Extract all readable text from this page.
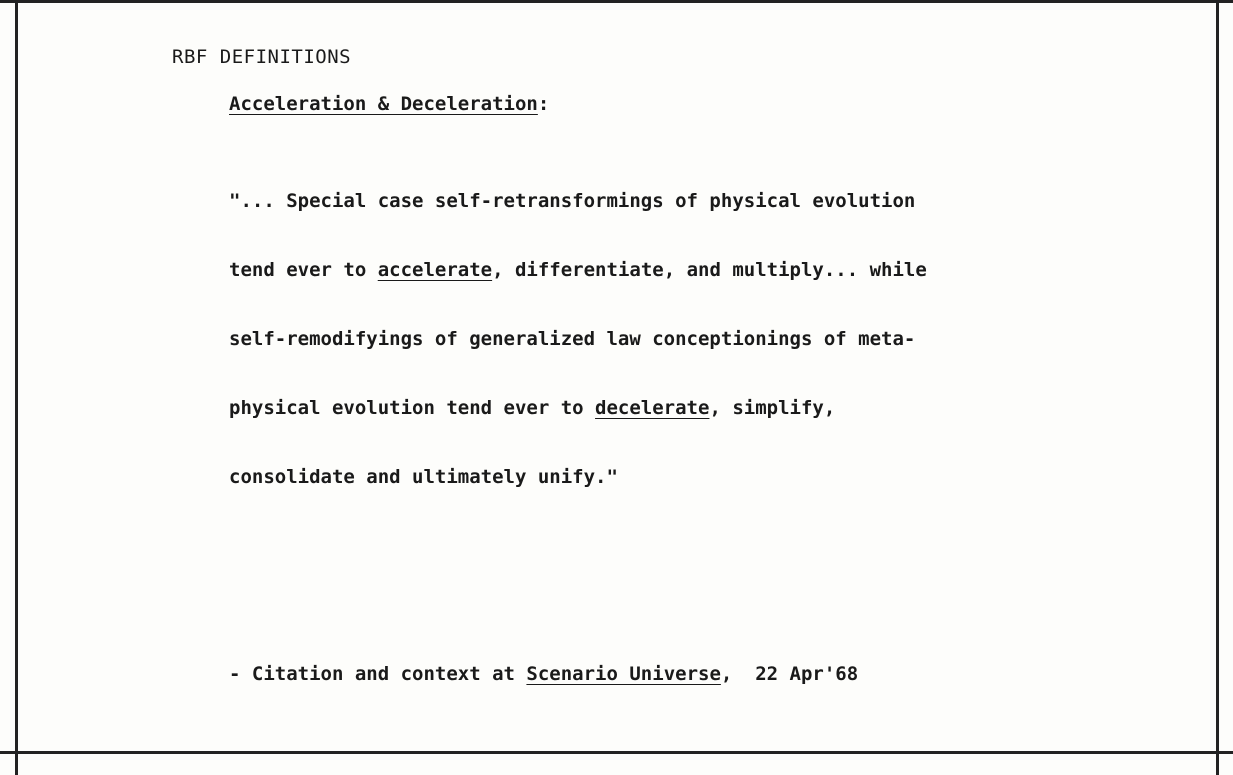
RBF DEFINITIONS
Acceleration & Deceleration:

"... Special case self-retransformings of physical evolution

tend ever to accelerate, differentiate, and multiply... while

self-remodifyings of generalized law conceptionings of meta-

physical evolution tend ever to decelerate, simplify,

consolidate and ultimately unify."

- Citation and context at Scenario Universe,  22 Apr'68
